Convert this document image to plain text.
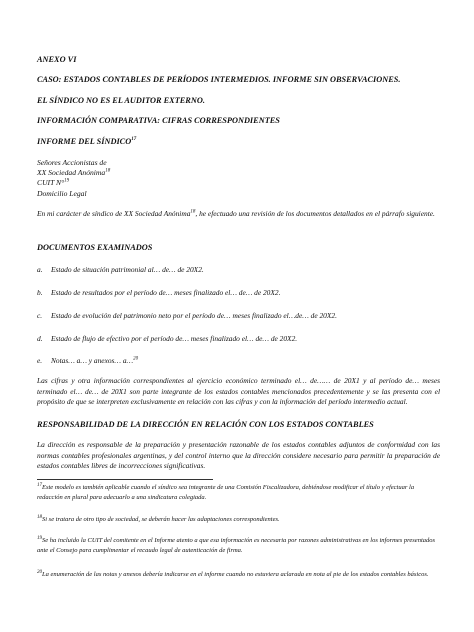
ANEXO VI
CASO: ESTADOS CONTABLES DE PERÍODOS INTERMEDIOS. INFORME SIN OBSERVACIONES.
EL SÍNDICO NO ES EL AUDITOR EXTERNO.
INFORMACIÓN COMPARATIVA: CIFRAS CORRESPONDIENTES
INFORME DEL SÍNDICO$^{17}$
Señores Accionistas de
XX Sociedad Anónima$^{18}$
CUIT N°$^{19}$
Domicilio Legal
En mi carácter de síndico de XX Sociedad Anónima$^{18}$, he efectuado una revisión de los documentos detallados en el párrafo siguiente.
DOCUMENTOS EXAMINADOS
a. Estado de situación patrimonial al… de… de 20X2.
b. Estado de resultados por el período de… meses finalizado el… de… de 20X2.
c. Estado de evolución del patrimonio neto por el período de… meses finalizado el…de… de 20X2.
d. Estado de flujo de efectivo por el período de… meses finalizado el… de… de 20X2.
e. Notas… a… y anexos… a…$^{20}$
Las cifras y otra información correspondientes al ejercicio económico terminado el… de…… de 20X1 y al período de… meses terminado el… de… de 20X1 son parte integrante de los estados contables mencionados precedentemente y se las presenta con el propósito de que se interpreten exclusivamente en relación con las cifras y con la información del período intermedio actual.
RESPONSABILIDAD DE LA DIRECCIÓN EN RELACIÓN CON LOS ESTADOS CONTABLES
La dirección es responsable de la preparación y presentación razonable de los estados contables adjuntos de conformidad con las normas contables profesionales argentinas, y del control interno que la dirección considere necesario para permitir la preparación de estados contables libres de incorrecciones significativas.
$^{17}$Este modelo es también aplicable cuando el síndico sea integrante de una Comisión Fiscalizadora, debiéndose modificar el título y efectuar la redacción en plural para adecuarlo a una sindicatura colegiada.
$^{18}$Si se tratara de otro tipo de sociedad, se deberán hacer las adaptaciones correspondientes.
$^{19}$Se ha incluido la CUIT del comitente en el Informe atento a que esa información es necesaria por razones administrativas en los informes presentados ante el Consejo para cumplimentar el recaudo legal de autenticación de firma.
$^{20}$La enumeración de las notas y anexos debería indicarse en el informe cuando no estuviera aclarada en nota al pie de los estados contables básicos.
